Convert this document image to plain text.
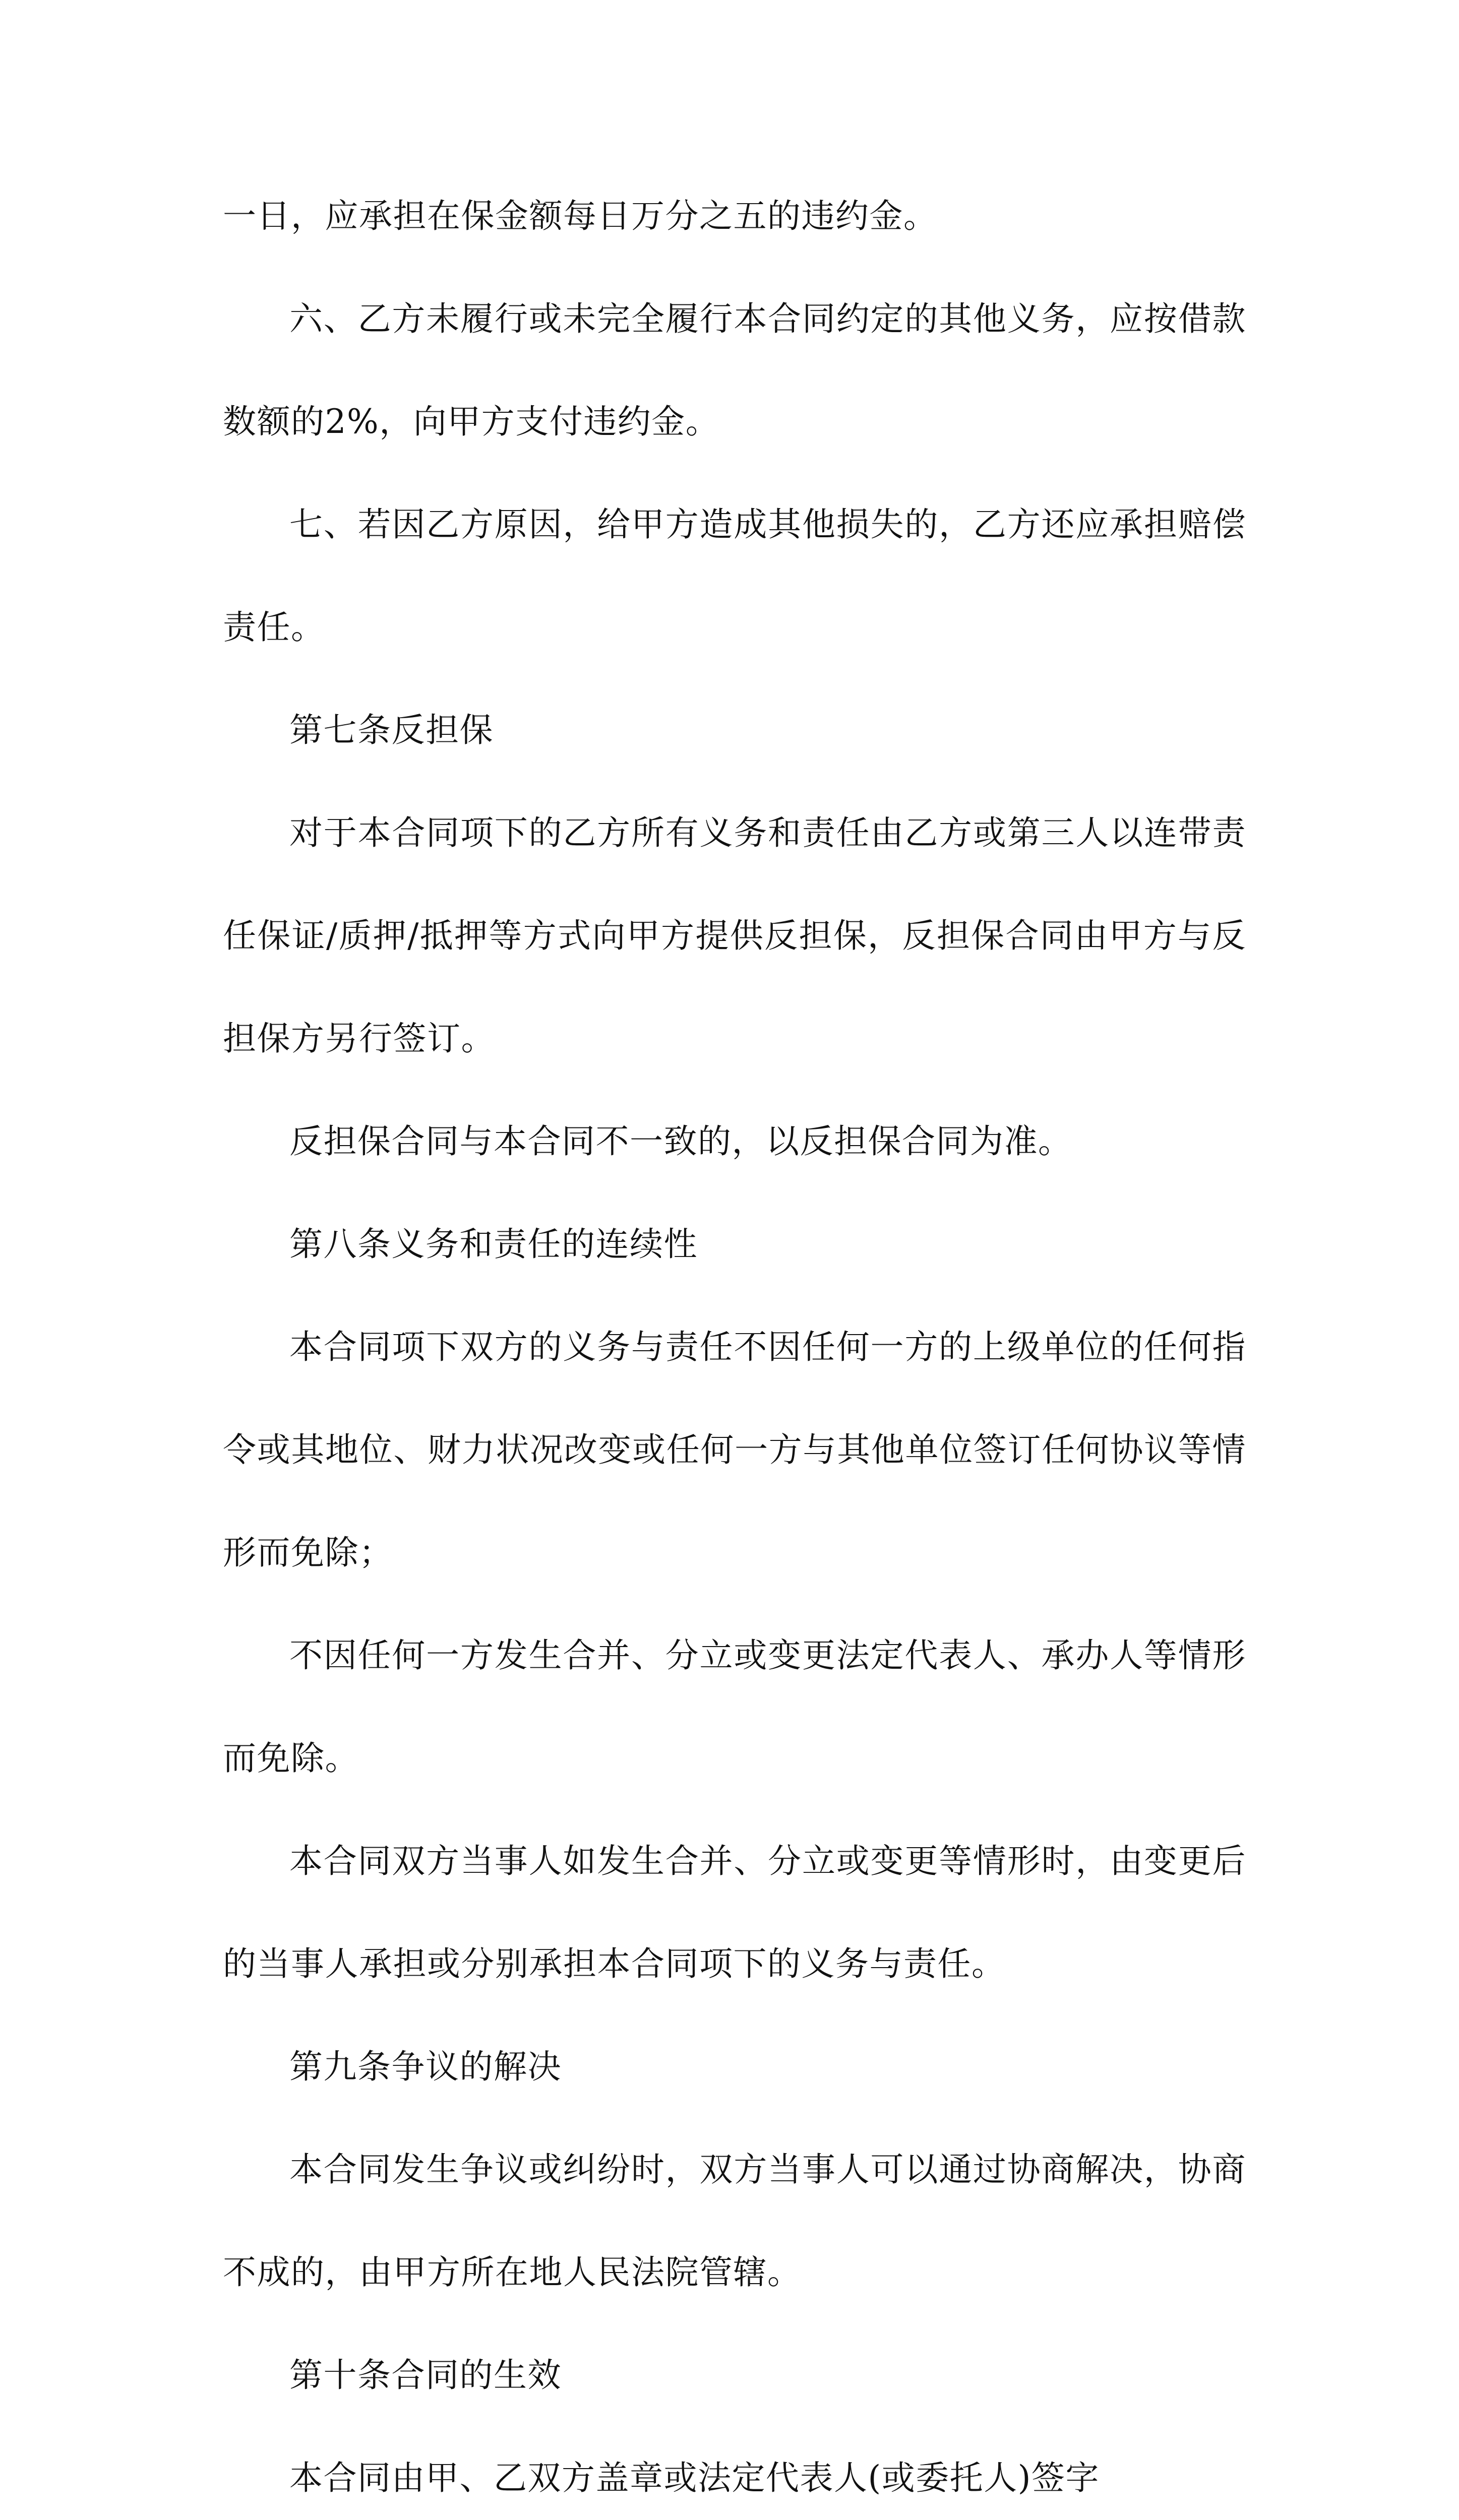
一日，应承担在保金额每日万分之五的违约金。

六、乙方未履行或未完全履行本合同约定的其他义务，应按借款数额的2%，向甲方支付违约金。

七、若因乙方原因，给甲方造成其他损失的，乙方还应承担赔偿责任。

第七条反担保

对于本合同项下的乙方所有义务和责任由乙方或第三人以连带责任保证/质押/抵押等方式向甲方提供反担保，反担保合同由甲方与反担保方另行签订。

反担保合同与本合同不一致的，以反担保合同为准。

第八条义务和责任的连续性

本合同项下双方的义务与责任不因任何一方的上级单位的任何指令或其地位、财力状况改变或任何一方与其他单位签订任何协议等情形而免除；

不因任何一方发生合并、分立或变更法定代表人、承办人等情形而免除。

本合同双方当事人如发生合并、分立或变更等情形时，由变更后的当事人承担或分别承担本合同项下的义务与责任。

第九条争议的解决

本合同发生争议或纠纷时，双方当事人可以通过协商解决，协商不成的，由甲方所在地人民法院管辖。

第十条合同的生效

本合同由甲、乙双方盖章或法定代表人(或委托人)签字
